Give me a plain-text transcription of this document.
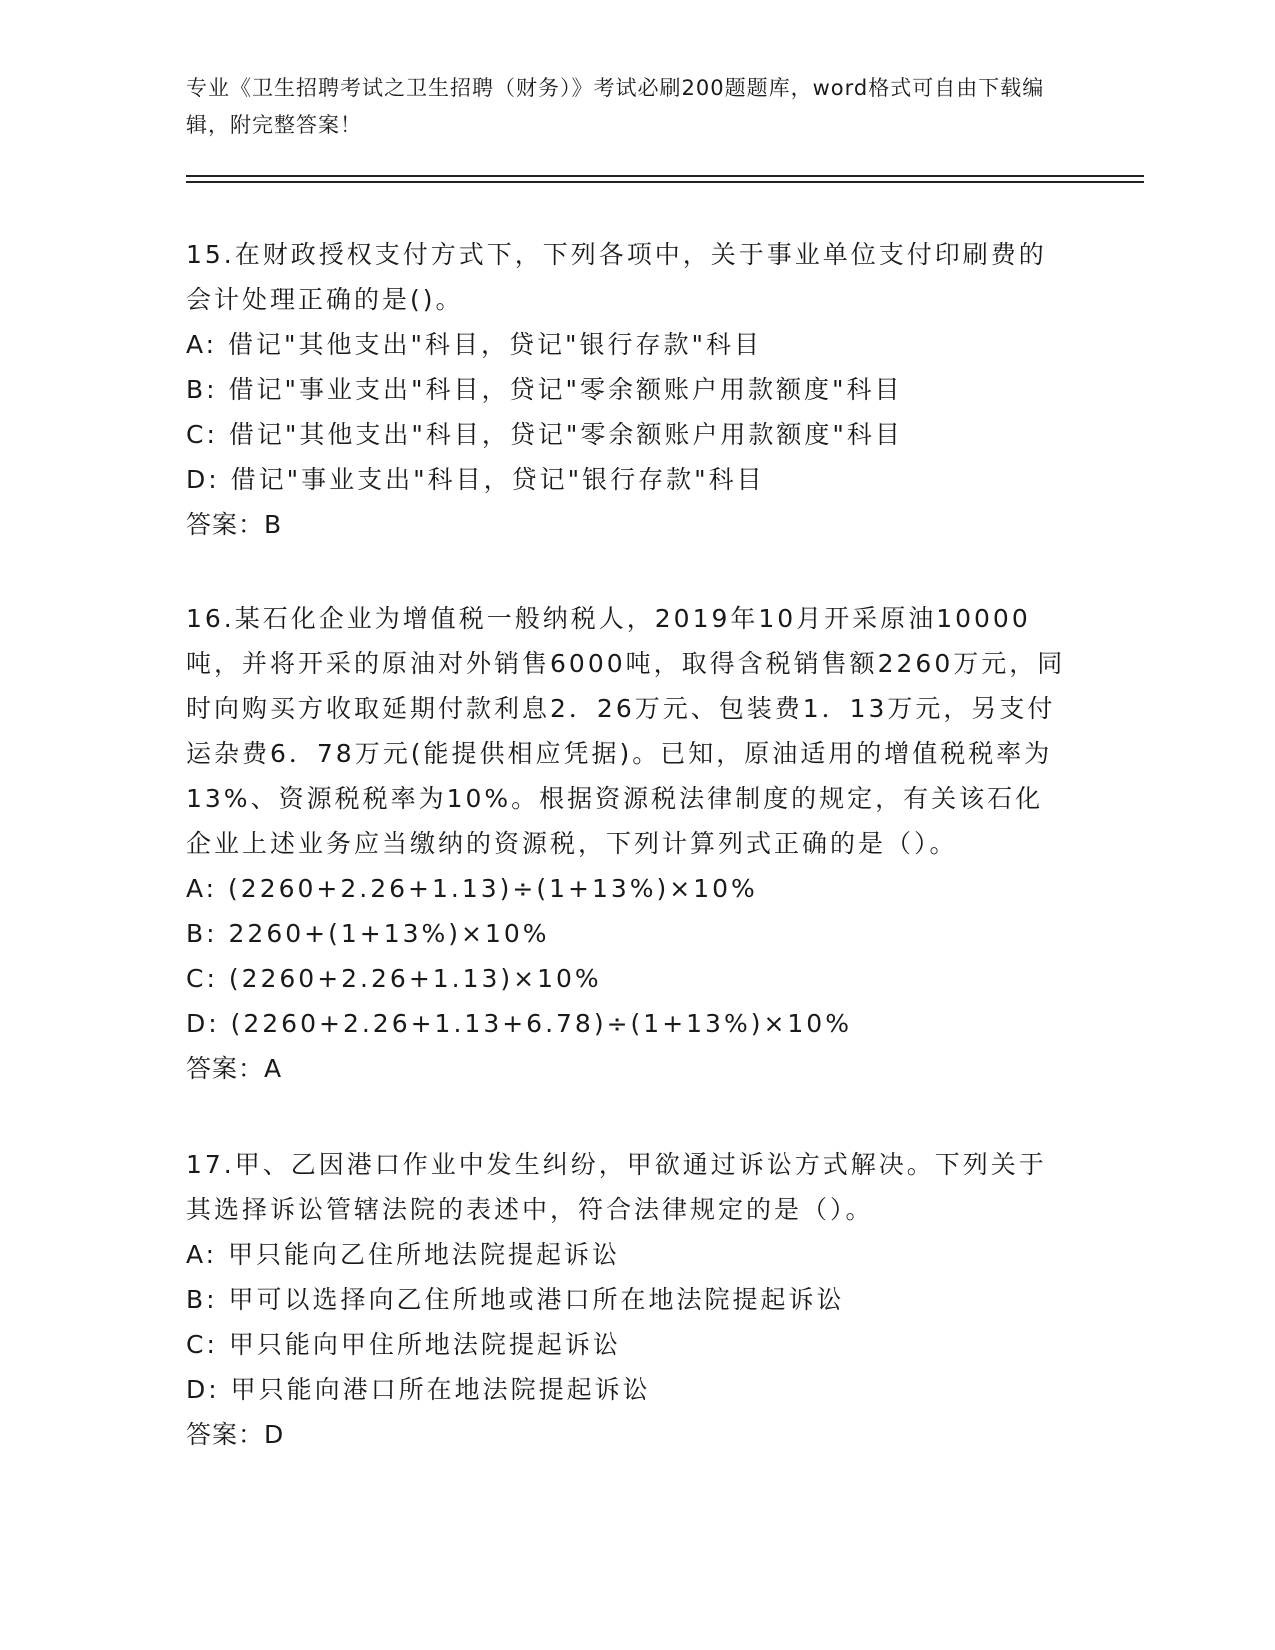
专业《卫生招聘考试之卫生招聘（财务）》考试必刷200题题库，word格式可自由下载编辑，附完整答案！

15.在财政授权支付方式下，下列各项中，关于事业单位支付印刷费的会计处理正确的是()。

A: 借记"其他支出"科目，贷记"银行存款"科目

B: 借记"事业支出"科目，贷记"零余额账户用款额度"科目

C: 借记"其他支出"科目，贷记"零余额账户用款额度"科目

D: 借记"事业支出"科目，贷记"银行存款"科目

答案：B

16.某石化企业为增值税一般纳税人，2019年10月开采原油10000吨，并将开采的原油对外销售6000吨，取得含税销售额2260万元，同时向购买方收取延期付款利息2．26万元、包装费1．13万元，另支付运杂费6．78万元(能提供相应凭据)。已知，原油适用的增值税税率为13%、资源税税率为10%。根据资源税法律制度的规定，有关该石化企业上述业务应当缴纳的资源税，下列计算列式正确的是（）。

A: (2260+2.26+1.13)÷(1+13%)×10%

B: 2260+(1+13%)×10%

C: (2260+2.26+1.13)×10%

D: (2260+2.26+1.13+6.78)÷(1+13%)×10%

答案：A

17.甲、乙因港口作业中发生纠纷，甲欲通过诉讼方式解决。下列关于其选择诉讼管辖法院的表述中，符合法律规定的是（）。

A: 甲只能向乙住所地法院提起诉讼

B: 甲可以选择向乙住所地或港口所在地法院提起诉讼

C: 甲只能向甲住所地法院提起诉讼

D: 甲只能向港口所在地法院提起诉讼

答案：D
